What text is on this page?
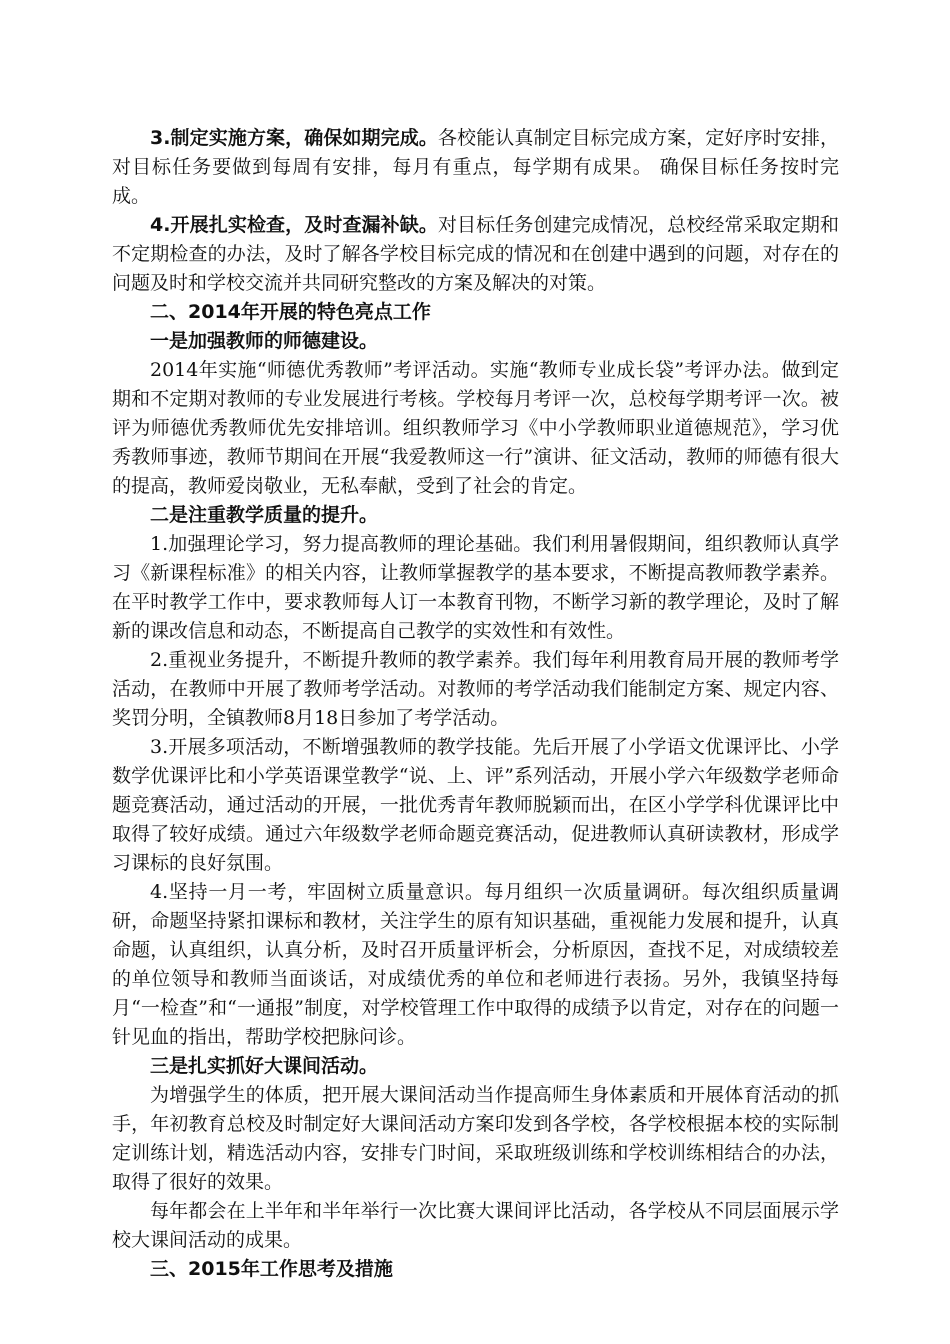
3.制定实施方案，确保如期完成。各校能认真制定目标完成方案，定好序时安排，对目标任务要做到每周有安排，每月有重点，每学期有成果。 确保目标任务按时完成。

4.开展扎实检查，及时查漏补缺。对目标任务创建完成情况，总校经常采取定期和不定期检查的办法，及时了解各学校目标完成的情况和在创建中遇到的问题，对存在的问题及时和学校交流并共同研究整改的方案及解决的对策。

二、2014年开展的特色亮点工作
一是加强教师的师德建设。

2014年实施“师德优秀教师”考评活动。实施“教师专业成长袋”考评办法。做到定期和不定期对教师的专业发展进行考核。学校每月考评一次，总校每学期考评一次。被评为师德优秀教师优先安排培训。组织教师学习《中小学教师职业道德规范》，学习优秀教师事迹，教师节期间在开展“我爱教师这一行”演讲、征文活动，教师的师德有很大的提高，教师爱岗敬业，无私奉献，受到了社会的肯定。

二是注重教学质量的提升。

1.加强理论学习，努力提高教师的理论基础。我们利用暑假期间，组织教师认真学习《新课程标准》的相关内容，让教师掌握教学的基本要求，不断提高教师教学素养。在平时教学工作中，要求教师每人订一本教育刊物，不断学习新的教学理论，及时了解新的课改信息和动态，不断提高自己教学的实效性和有效性。

2.重视业务提升，不断提升教师的教学素养。我们每年利用教育局开展的教师考学活动，在教师中开展了教师考学活动。对教师的考学活动我们能制定方案、规定内容、奖罚分明，全镇教师8月18日参加了考学活动。

3.开展多项活动，不断增强教师的教学技能。先后开展了小学语文优课评比、小学数学优课评比和小学英语课堂教学“说、上、评”系列活动，开展小学六年级数学老师命题竞赛活动，通过活动的开展，一批优秀青年教师脱颖而出，在区小学学科优课评比中取得了较好成绩。通过六年级数学老师命题竞赛活动，促进教师认真研读教材，形成学习课标的良好氛围。

4.坚持一月一考，牢固树立质量意识。每月组织一次质量调研。每次组织质量调研，命题坚持紧扣课标和教材，关注学生的原有知识基础，重视能力发展和提升，认真命题，认真组织，认真分析，及时召开质量评析会，分析原因，查找不足，对成绩较差的单位领导和教师当面谈话，对成绩优秀的单位和老师进行表扬。另外，我镇坚持每月“一检查”和“一通报”制度，对学校管理工作中取得的成绩予以肯定，对存在的问题一针见血的指出，帮助学校把脉问诊。

三是扎实抓好大课间活动。

为增强学生的体质，把开展大课间活动当作提高师生身体素质和开展体育活动的抓手，年初教育总校及时制定好大课间活动方案印发到各学校，各学校根据本校的实际制定训练计划，精选活动内容，安排专门时间，采取班级训练和学校训练相结合的办法，取得了很好的效果。

每年都会在上半年和半年举行一次比赛大课间评比活动，各学校从不同层面展示学校大课间活动的成果。

三、2015年工作思考及措施
